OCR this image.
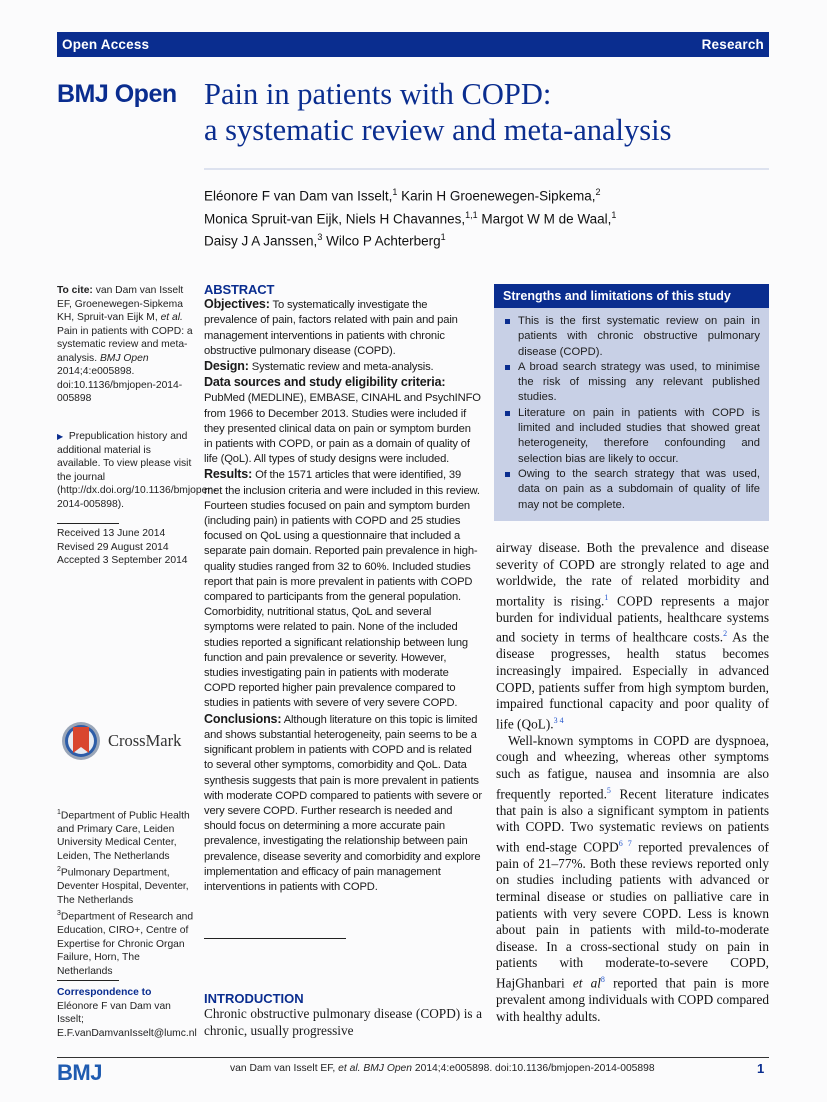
Open Access	Research
BMJ Open Pain in patients with COPD:
a systematic review and meta-analysis
Eléonore F van Dam van Isselt,$^1$ Karin H Groenewegen-Sipkema,$^2$
Monica Spruit-van Eijk, Niels H Chavannes,$^{1,1}$ Margot W M de Waal,$^1$
Daisy J A Janssen,$^3$ Wilco P Achterberg$^1$
To cite: van Dam van Isselt EF, Groenewegen-Sipkema KH, Spruit-van Eijk M, et al. Pain in patients with COPD: a systematic review and meta-analysis. BMJ Open 2014;4:e005898. doi:10.1136/bmjopen-2014-005898
▶ Prepublication history and additional material is available. To view please visit the journal (http://dx.doi.org/10.1136/bmjopen-2014-005898).
Received 13 June 2014
Revised 29 August 2014
Accepted 3 September 2014
CrossMark
$^1$Department of Public Health and Primary Care, Leiden University Medical Center, Leiden, The Netherlands
$^2$Pulmonary Department, Deventer Hospital, Deventer, The Netherlands
$^3$Department of Research and Education, CIRO+, Centre of Expertise for Chronic Organ Failure, Horn, The Netherlands
Correspondence to
Eléonore F van Dam van Isselt; E.F.vanDamvanIsselt@lumc.nl
ABSTRACT
Objectives: To systematically investigate the prevalence of pain, factors related with pain and pain management interventions in patients with chronic obstructive pulmonary disease (COPD).
Design: Systematic review and meta-analysis.
Data sources and study eligibility criteria: PubMed (MEDLINE), EMBASE, CINAHL and PsychINFO from 1966 to December 2013. Studies were included if they presented clinical data on pain or symptom burden in patients with COPD, or pain as a domain of quality of life (QoL). All types of study designs were included.
Results: Of the 1571 articles that were identified, 39 met the inclusion criteria and were included in this review. Fourteen studies focused on pain and symptom burden (including pain) in patients with COPD and 25 studies focused on QoL using a questionnaire that included a separate pain domain. Reported pain prevalence in high-quality studies ranged from 32 to 60%. Included studies report that pain is more prevalent in patients with COPD compared to participants from the general population. Comorbidity, nutritional status, QoL and several symptoms were related to pain. None of the included studies reported a significant relationship between lung function and pain prevalence or severity. However, studies investigating pain in patients with moderate COPD reported higher pain prevalence compared to studies in patients with severe of very severe COPD.
Conclusions: Although literature on this topic is limited and shows substantial heterogeneity, pain seems to be a significant problem in patients with COPD and is related to several other symptoms, comorbidity and QoL. Data synthesis suggests that pain is more prevalent in patients with moderate COPD compared to patients with severe or very severe COPD. Further research is needed and should focus on determining a more accurate pain prevalence, investigating the relationship between pain prevalence, disease severity and comorbidity and explore implementation and efficacy of pain management interventions in patients with COPD.
Strengths and limitations of this study
This is the first systematic review on pain in patients with chronic obstructive pulmonary disease (COPD).
A broad search strategy was used, to minimise the risk of missing any relevant published studies.
Literature on pain in patients with COPD is limited and included studies that showed great heterogeneity, therefore confounding and selection bias are likely to occur.
Owing to the search strategy that was used, data on pain as a subdomain of quality of life may not be complete.

airway disease. Both the prevalence and disease severity of COPD are strongly related to age and worldwide, the rate of related morbidity and mortality is rising.$^1$ COPD represents a major burden for individual patients, healthcare systems and society in terms of healthcare costs.$^2$ As the disease progresses, health status becomes increasingly impaired. Especially in advanced COPD, patients suffer from high symptom burden, impaired functional capacity and poor quality of life (QoL).$^{3 4}$

Well-known symptoms in COPD are dyspnoea, cough and wheezing, whereas other symptoms such as fatigue, nausea and insomnia are also frequently reported.$^5$ Recent literature indicates that pain is also a significant symptom in patients with COPD. Two systematic reviews on patients with end-stage $COPD^{6 7}$ reported prevalences of pain of 21–77%. Both these reviews reported only on studies including patients with advanced or terminal disease or studies on palliative care in patients with very severe COPD. Less is known about pain in patients with mild-to-moderate disease. In a cross-sectional study on pain in patients with moderate-to-severe COPD, HajGhanbari et $al^8$ reported that pain is more prevalent among individuals with COPD compared with healthy adults.

INTRODUCTION

Chronic obstructive pulmonary disease (COPD) is a chronic, usually progressive

BMJ	van Dam van Isselt EF, et al. BMJ Open 2014;4:e005898. doi:10.1136/bmjopen-2014-005898	1
